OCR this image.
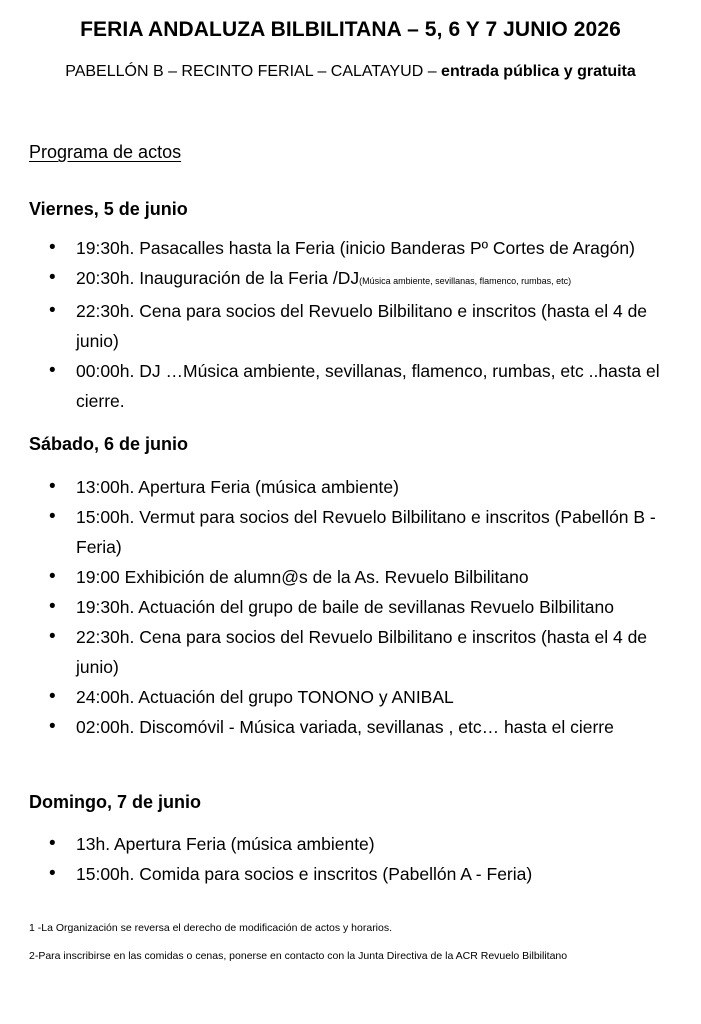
FERIA ANDALUZA BILBILITANA – 5, 6 Y 7 JUNIO 2026
PABELLÓN B – RECINTO FERIAL – CALATAYUD – entrada pública y gratuita
Programa de actos
Viernes, 5 de junio
• 19:30h. Pasacalles hasta la Feria (inicio Banderas Pº Cortes de Aragón)
• 20:30h. Inauguración de la Feria /DJ(Música ambiente, sevillanas, flamenco, rumbas, etc)
• 22:30h. Cena para socios del Revuelo Bilbilitano e inscritos (hasta el 4 de junio)
• 00:00h. DJ …Música ambiente, sevillanas, flamenco, rumbas, etc ..hasta el cierre.
Sábado, 6 de junio
• 13:00h. Apertura Feria (música ambiente)
• 15:00h. Vermut para socios del Revuelo Bilbilitano e inscritos (Pabellón B - Feria)
• 19:00 Exhibición de alumn@s de la As. Revuelo Bilbilitano
• 19:30h. Actuación del grupo de baile de sevillanas Revuelo Bilbilitano
• 22:30h. Cena para socios del Revuelo Bilbilitano e inscritos (hasta el 4 de junio)
• 24:00h. Actuación del grupo TONONO y ANIBAL
• 02:00h. Discomóvil - Música variada, sevillanas , etc… hasta el cierre
Domingo, 7 de junio
• 13h. Apertura Feria (música ambiente)
• 15:00h. Comida para socios e inscritos (Pabellón A - Feria)
1 -La Organización se reversa el derecho de modificación de actos y horarios.
2-Para inscribirse en las comidas o cenas, ponerse en contacto con la Junta Directiva de la ACR Revuelo Bilbilitano
